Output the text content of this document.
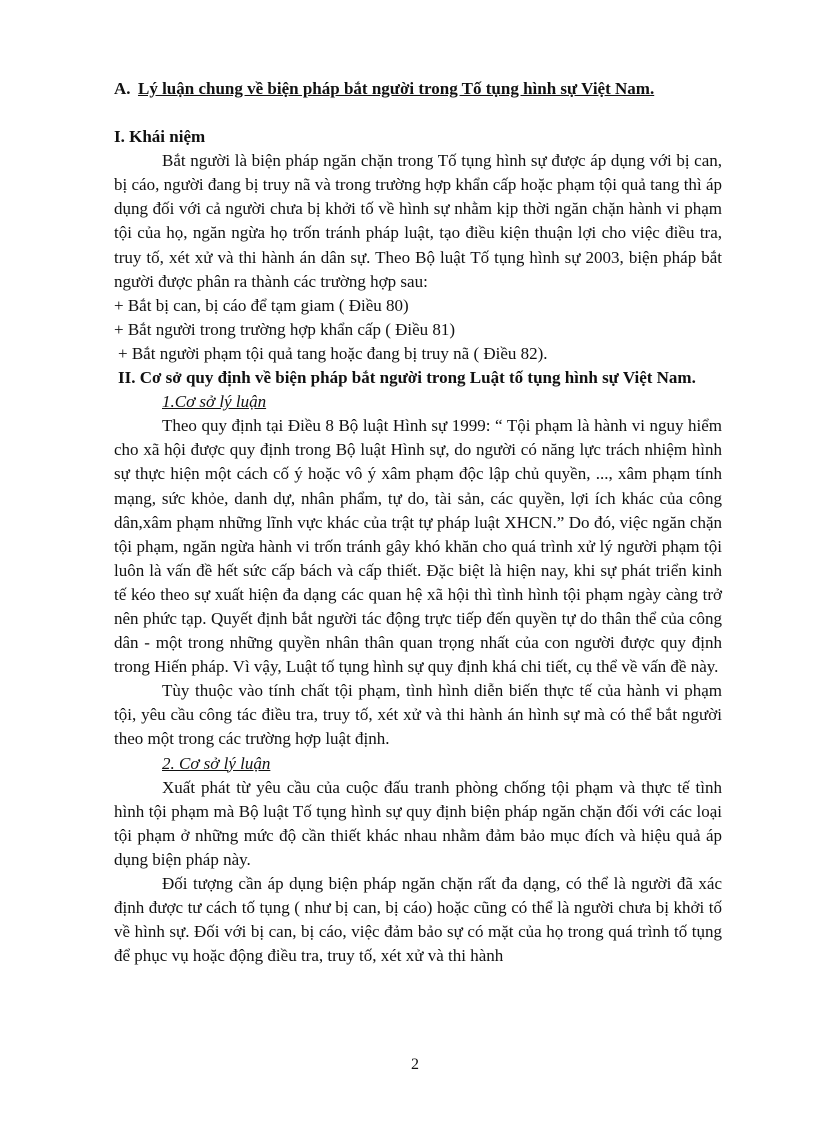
A. Lý luận chung về biện pháp bắt người trong Tố tụng hình sự Việt Nam.

I. Khái niệm

Bắt người là biện pháp ngăn chặn trong Tố tụng hình sự được áp dụng với bị can, bị cáo, người đang bị truy nã và trong trường hợp khẩn cấp hoặc phạm tội quả tang thì áp dụng đối với cả người chưa bị khởi tố về hình sự nhằm kịp thời ngăn chặn hành vi phạm tội của họ, ngăn ngừa họ trốn tránh pháp luật, tạo điều kiện thuận lợi cho việc điều tra, truy tố, xét xử và thi hành án dân sự. Theo Bộ luật Tố tụng hình sự 2003, biện pháp bắt người được phân ra thành các trường hợp sau:

+ Bắt bị can, bị cáo để tạm giam ( Điều 80)

+ Bắt người trong trường hợp khẩn cấp ( Điều 81)

+ Bắt người phạm tội quả tang hoặc đang bị truy nã ( Điều 82).

II. Cơ sở quy định về biện pháp bắt người trong Luật tố tụng hình sự Việt Nam.

1.Cơ sở lý luận

Theo quy định tại Điều 8 Bộ luật Hình sự 1999: “ Tội phạm là hành vi nguy hiểm cho xã hội được quy định trong Bộ luật Hình sự, do người có năng lực trách nhiệm hình sự thực hiện một cách cố ý hoặc vô ý xâm phạm độc lập chủ quyền, ..., xâm phạm tính mạng, sức khỏe, danh dự, nhân phẩm, tự do, tài sản, các quyền, lợi ích khác của công dân,xâm phạm những lĩnh vực khác của trật tự pháp luật XHCN.” Do đó, việc ngăn chặn tội phạm, ngăn ngừa hành vi trốn tránh gây khó khăn cho quá trình xử lý người phạm tội luôn là vấn đề hết sức cấp bách và cấp thiết. Đặc biệt là hiện nay, khi sự phát triển kinh tế kéo theo sự xuất hiện đa dạng các quan hệ xã hội thì tình hình tội phạm ngày càng trở nên phức tạp. Quyết định bắt người tác động trực tiếp đến quyền tự do thân thể của công dân - một trong những quyền nhân thân quan trọng nhất của con người được quy định trong Hiến pháp. Vì vậy, Luật tố tụng hình sự quy định khá chi tiết, cụ thể về vấn đề này.

Tùy thuộc vào tính chất tội phạm, tình hình diễn biến thực tế của hành vi phạm tội, yêu cầu công tác điều tra, truy tố, xét xử và thi hành án hình sự mà có thể bắt người theo một trong các trường hợp luật định.

2. Cơ sở lý luận

Xuất phát từ yêu cầu của cuộc đấu tranh phòng chống tội phạm và thực tế tình hình tội phạm mà Bộ luật Tố tụng hình sự quy định biện pháp ngăn chặn đối với các loại tội phạm ở những mức độ cần thiết khác nhau nhằm đảm bảo mục đích và hiệu quả áp dụng biện pháp này.

Đối tượng cần áp dụng biện pháp ngăn chặn rất đa dạng, có thể là người đã xác định được tư cách tố tụng ( như bị can, bị cáo) hoặc cũng có thể là người chưa bị khởi tố về hình sự. Đối với bị can, bị cáo, việc đảm bảo sự có mặt của họ trong quá trình tố tụng để phục vụ hoặc động điều tra, truy tố, xét xử và thi hành

2
